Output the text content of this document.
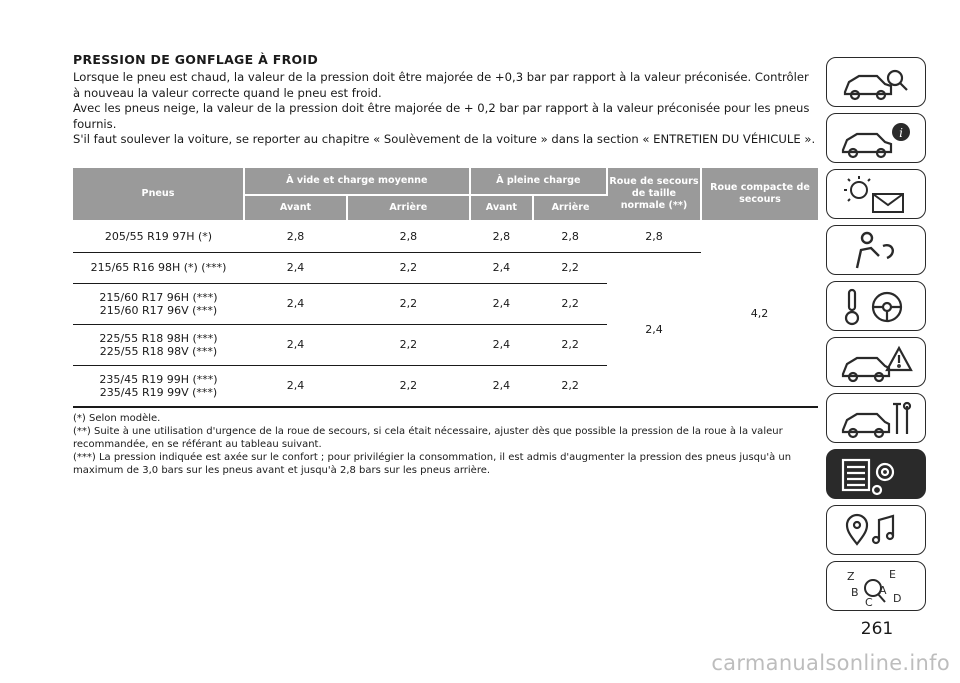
PRESSION DE GONFLAGE À FROID

Lorsque le pneu est chaud, la valeur de la pression doit être majorée de +0,3 bar par rapport à la valeur préconisée. Contrôler à nouveau la valeur correcte quand le pneu est froid.

Avec les pneus neige, la valeur de la pression doit être majorée de + 0,2 bar par rapport à la valeur préconisée pour les pneus fournis.

S'il faut soulever la voiture, se reporter au chapitre « Soulèvement de la voiture » dans la section « ENTRETIEN DU VÉHICULE ».

Pneus	À vide et charge moyenne		À pleine charge		Roue de secours de taille normale (**)	Roue compacte de secours
	Avant	Arrière	Avant	Arrière		

205/55 R19 97H (*)	2,8	2,8	2,8	2,8	2,8	4,2

215/65 R16 98H (*) (***)	2,4	2,2	2,4	2,2	2,4	

215/60 R17 96H (***)
215/60 R17 96V (***)	2,4	2,2	2,4	2,2		

225/55 R18 98H (***)
225/55 R18 98V (***)	2,4	2,2	2,4	2,2		

235/45 R19 99H (***)
235/45 R19 99V (***)	2,4	2,2	2,4	2,2		

(*) Selon modèle.

(**) Suite à une utilisation d'urgence de la roue de secours, si cela était nécessaire, ajuster dès que possible la pression de la roue à la valeur recommandée, en se référant au tableau suivant.

(***) La pression indiquée est axée sur le confort ; pour privilégier la consommation, il est admis d'augmenter la pression des pneus jusqu'à un maximum de 3,0 bars sur les pneus avant et jusqu'à 2,8 bars sur les pneus arrière.

i
Z	E
B A
C D
261
carmanualsonline.info
